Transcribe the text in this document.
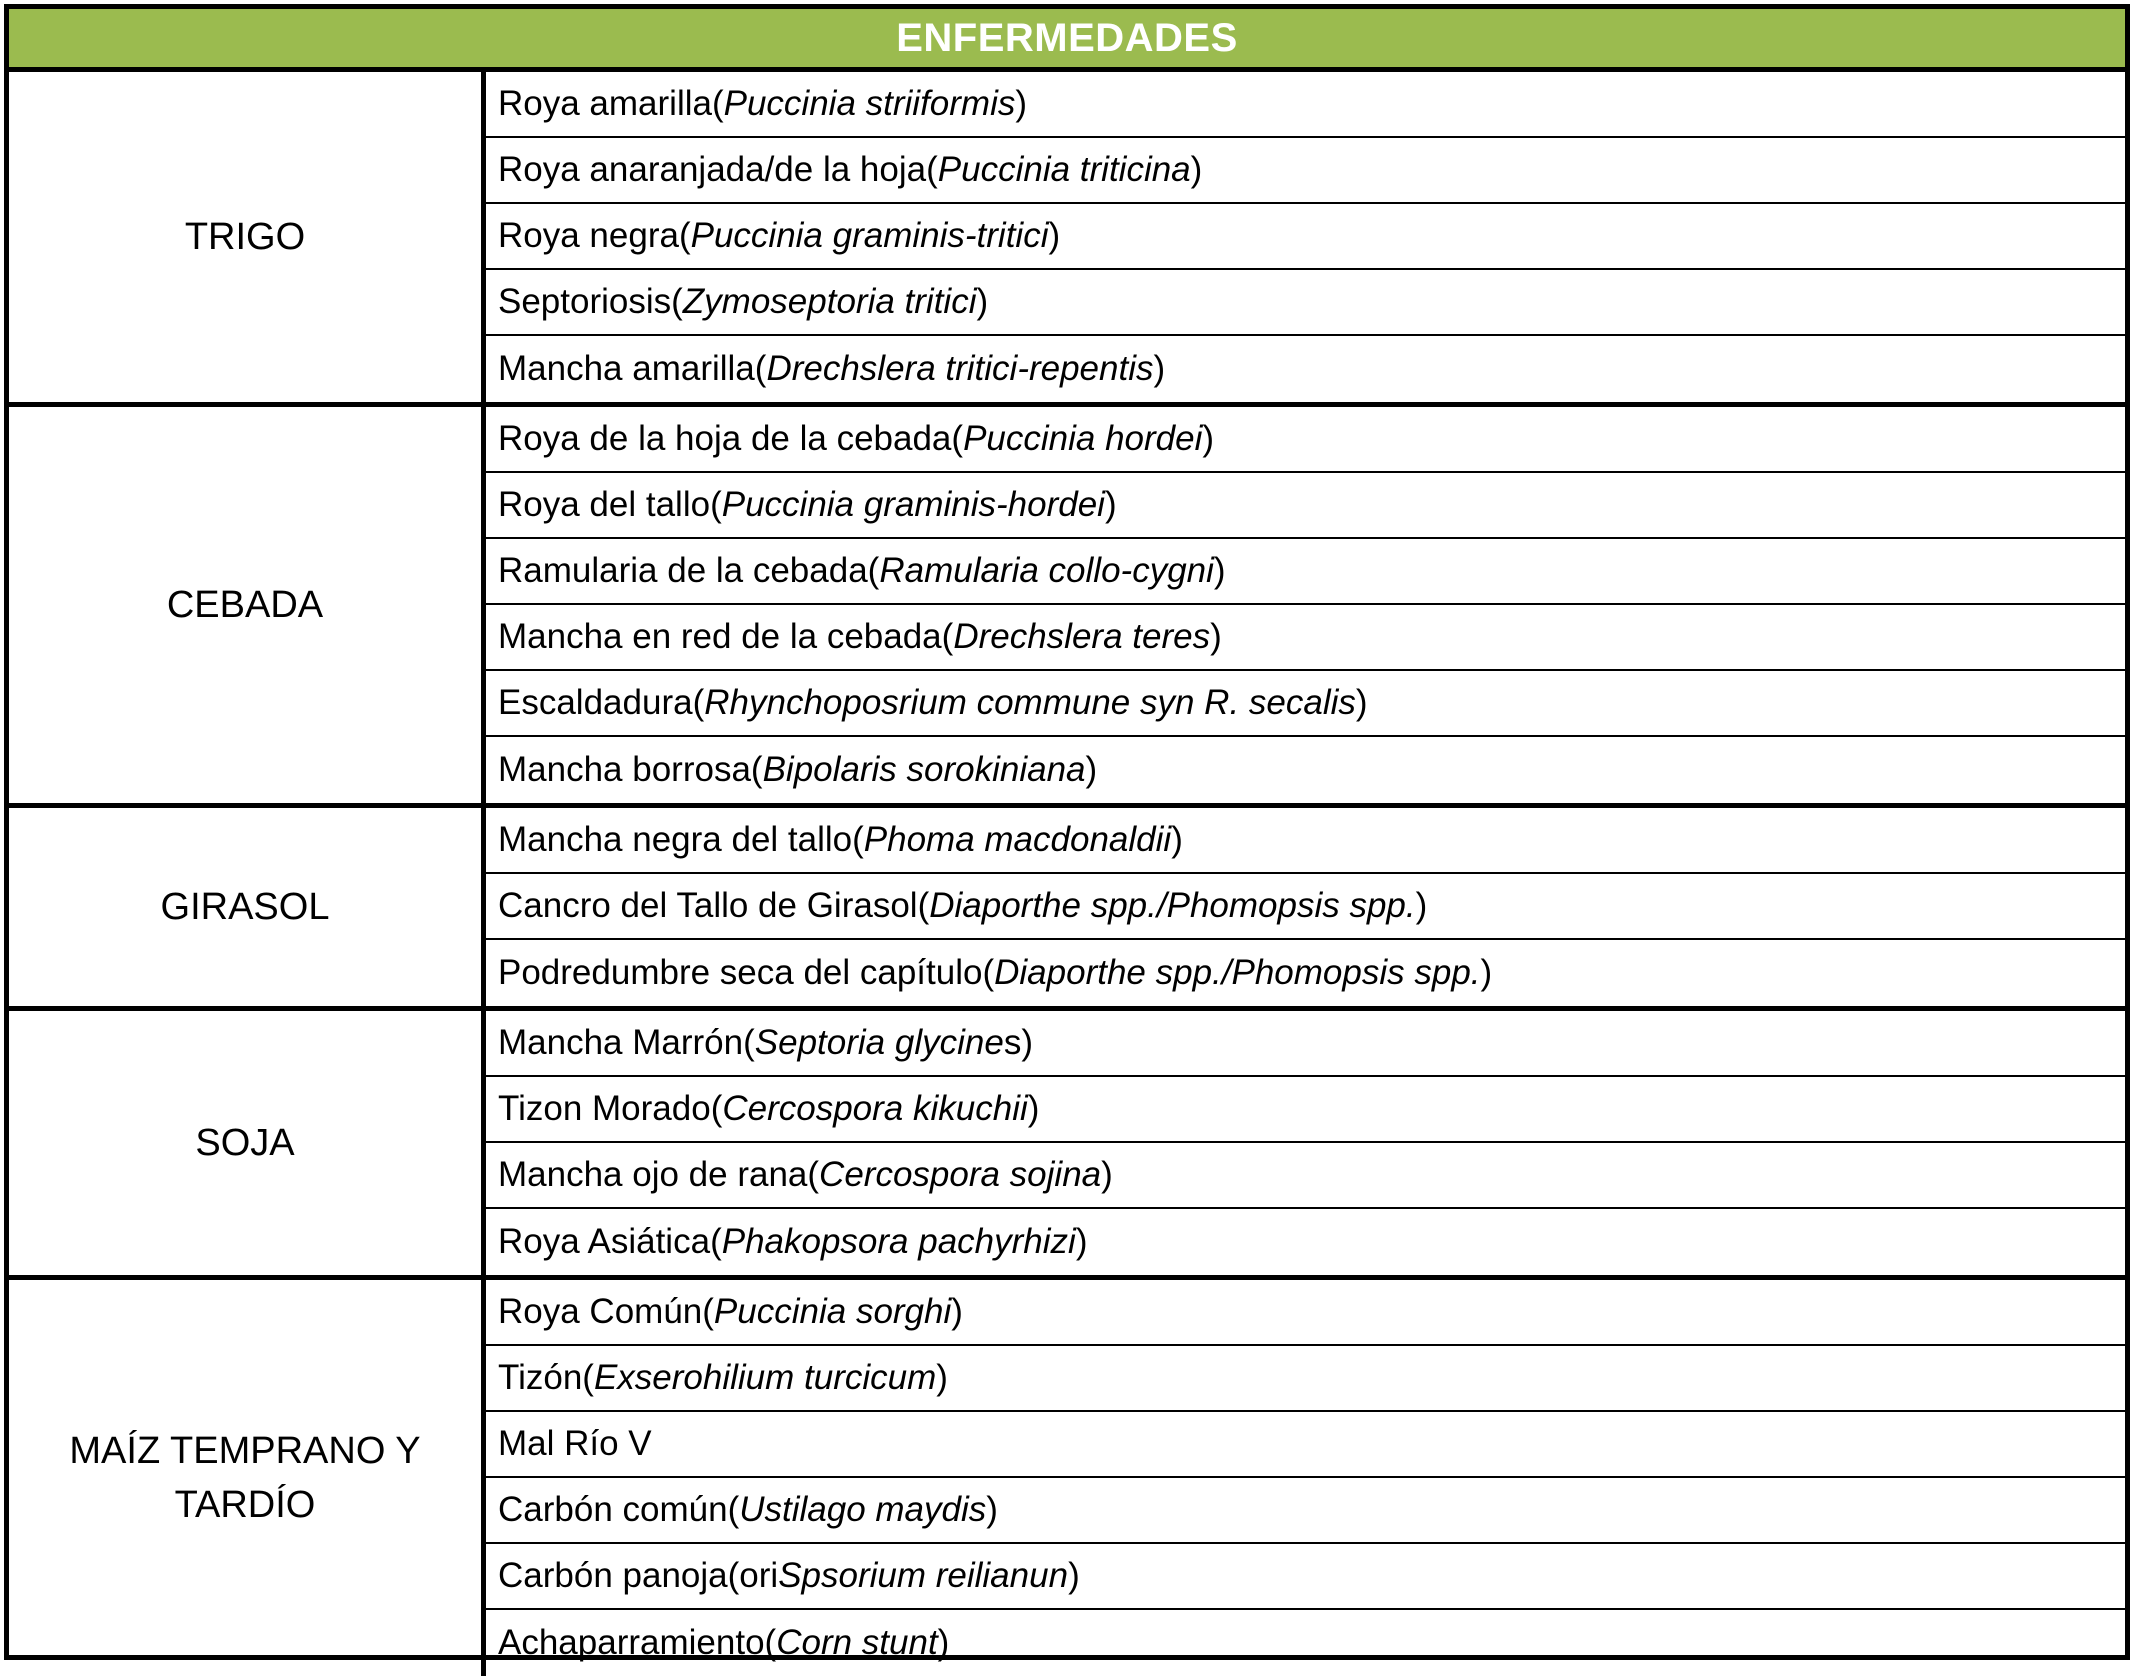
ENFERMEDADES
TRIGO
Roya amarilla ( Puccinia striiformis )
Roya anaranjada/de la hoja ( Puccinia triticina )
Roya negra ( Puccinia graminis-tritici )
Septoriosis ( Zymoseptoria tritici )
Mancha amarilla ( Drechslera tritici-repentis )
CEBADA
Roya de la hoja de la cebada ( Puccinia hordei )
Roya del tallo ( Puccinia graminis-hordei )
Ramularia de la cebada ( Ramularia collo-cygni )
Mancha en red de la cebada ( Drechslera teres )
Escaldadura ( Rhynchoposrium commune syn R. secalis )
Mancha borrosa ( Bipolaris sorokiniana )
GIRASOL
Mancha negra del tallo ( Phoma macdonaldii )
Cancro del Tallo de Girasol ( Diaporthe spp./Phomopsis spp. )
Podredumbre seca del capítulo ( Diaporthe spp./Phomopsis spp. )
SOJA
Mancha Marrón ( Septoria glycine s)
Tizon Morado ( Cercospora kikuchii )
Mancha ojo de rana ( Cercospora sojina )
Roya Asiática ( Phakopsora pachyrhizi )
MAÍZ TEMPRANO Y TARDÍO
Roya Común ( Puccinia sorghi )
Tizón ( Exserohilium turcicum )
Mal Río V
Carbón común ( Ustilago maydis )
Carbón panoja (ori Spsorium reilianun )
Achaparramiento ( Corn stunt )
